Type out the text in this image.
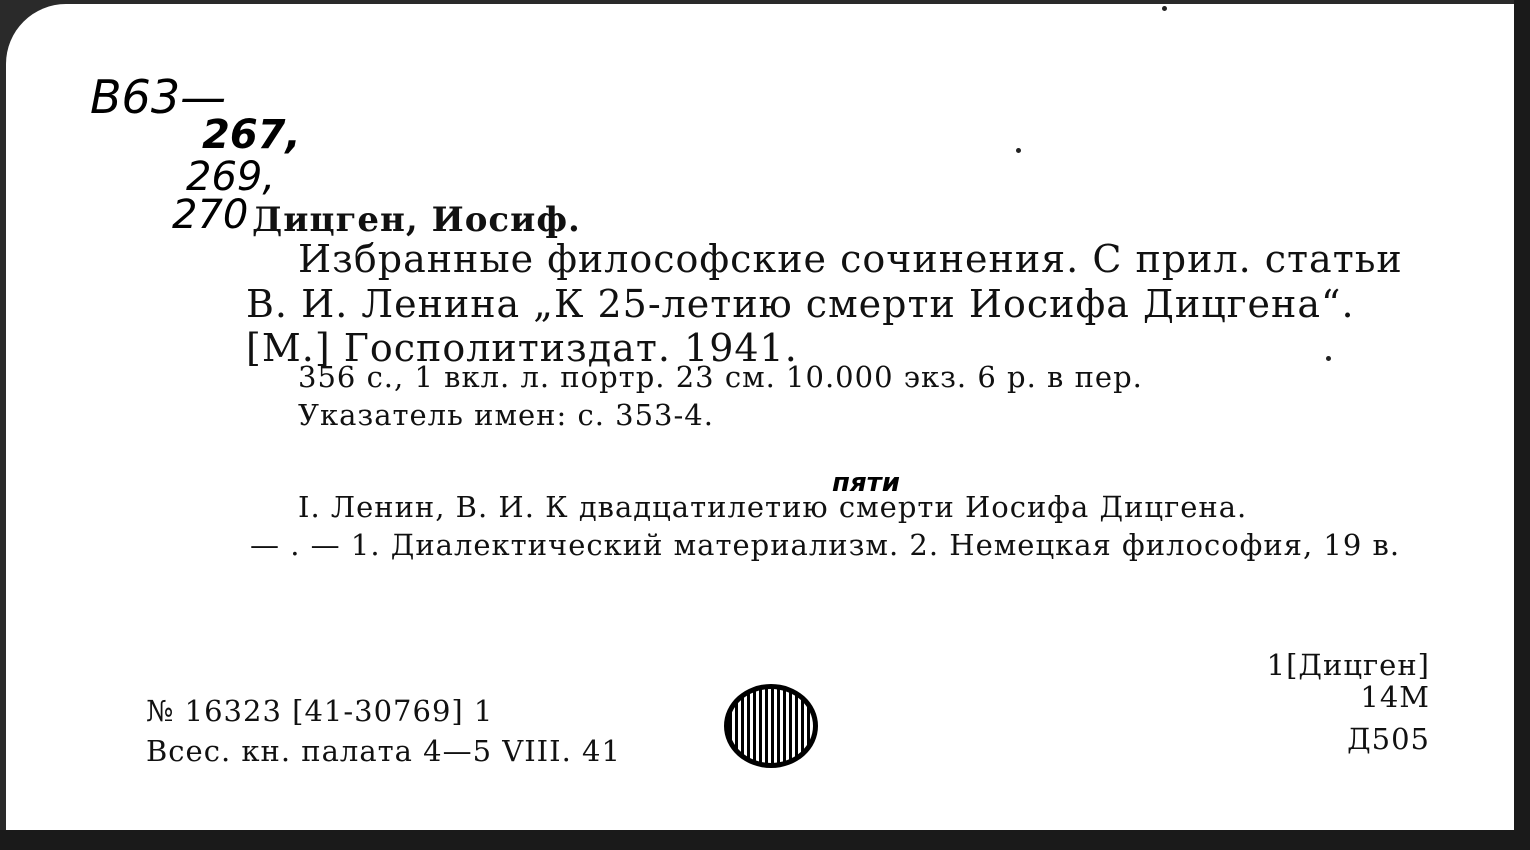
В63—
267,
269,
270 Дицген, Иосиф.
Избранные философские сочинения. С прил. статьи
В. И. Ленина „К 25-летию смерти Иосифа Дицгена“.
[М.] Госполитиздат. 1941.
356 с., 1 вкл. л. портр. 23 см. 10.000 экз. 6 р. в пер.
Указатель имен: с. 353-4.
пяти
I. Ленин, В. И. К двадцатилетию смерти Иосифа Дицгена.
— . — 1. Диалектический материализм. 2. Немецкая философия, 19 в.
№ 16323 [41-30769] 1
Всес. кн. палата 4—5 VIII. 41
1[Дицген]
14М
Д505
